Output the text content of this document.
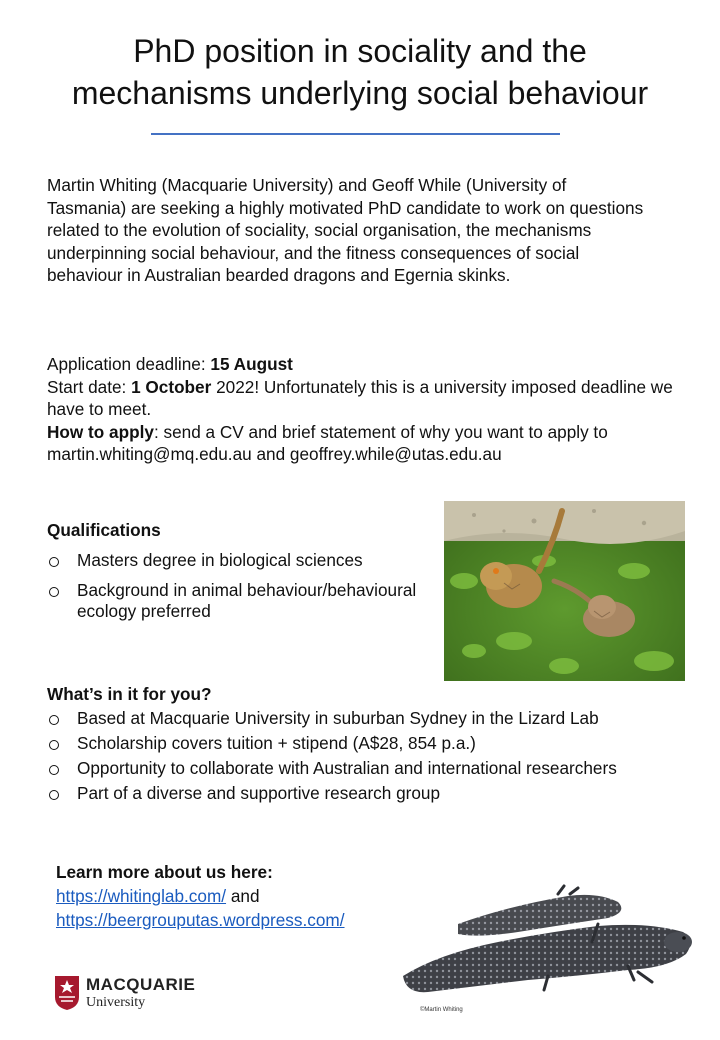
PhD position in sociality and the
mechanisms underlying social behaviour
Martin Whiting (Macquarie University) and Geoff While (University of Tasmania) are seeking a highly motivated PhD candidate to work on questions related to the evolution of sociality, social organisation, the mechanisms underpinning social behaviour, and the fitness consequences of social behaviour in Australian bearded dragons and Egernia skinks.

Application deadline: 15 August

Start date: 1 October 2022! Unfortunately this is a university imposed deadline we have to meet.

How to apply: send a CV and brief statement of why you want to apply to martin.whiting@mq.edu.au and geoffrey.while@utas.edu.au

Qualifications
Masters degree in biological sciences
Background in animal behaviour/behavioural ecology preferred
What’s in it for you?
Based at Macquarie University in suburban Sydney in the Lizard Lab
Scholarship covers tuition + stipend (A$28, 854 p.a.)
Opportunity to collaborate with Australian and international researchers
Part of a diverse and supportive research group
Learn more about us here:
https://whitinglab.com/ and
https://beergrouputas.wordpress.com/
©Martin Whiting
MACQUARIE
University
